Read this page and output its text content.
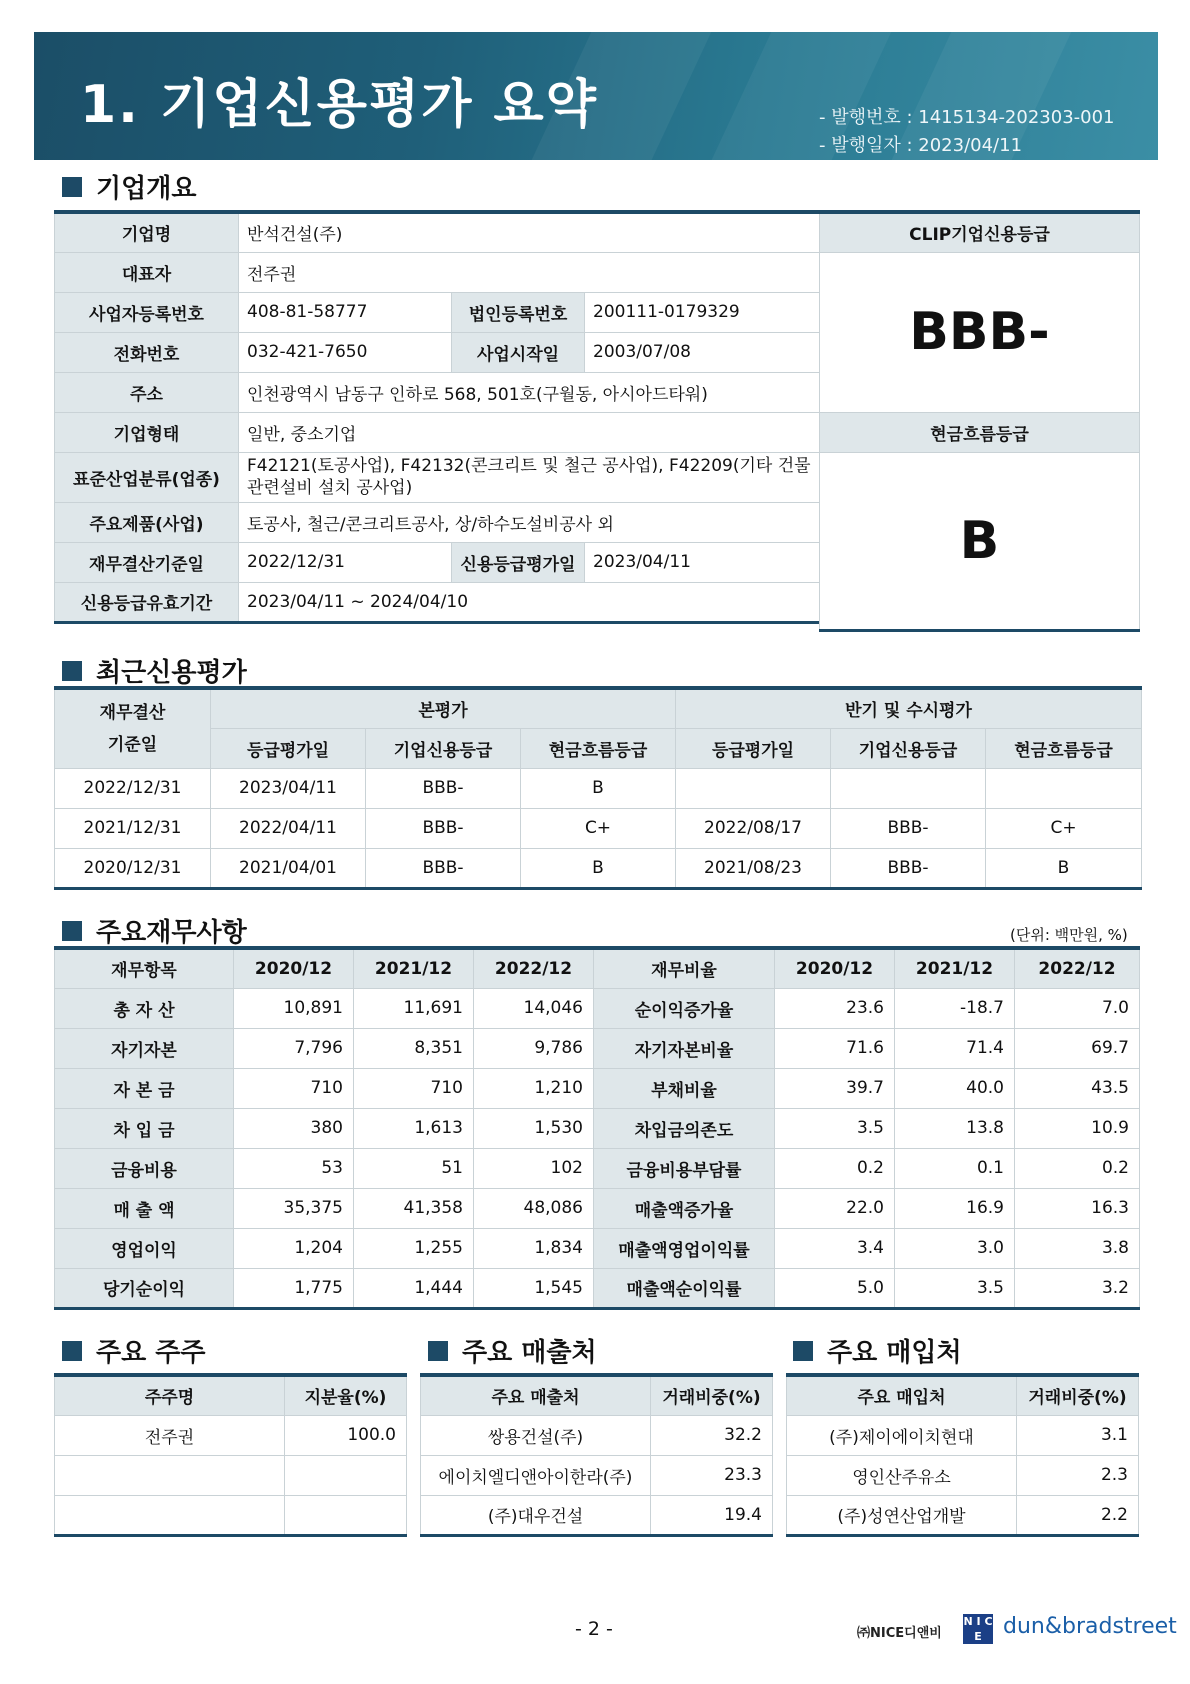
1. 기업신용평가 요약	- 발행번호 : 1415134-202303-001
- 발행일자 : 2023/04/11
기업개요
기업명	반석건설(주)		
대표자	전주권		
사업자등록번호	408-81-58777	법인등록번호	200111-0179329
전화번호	032-421-7650	사업시작일	2003/07/08
주소	인천광역시 남동구 인하로 568, 501호(구월동, 아시아드타워)		
기업형태	일반, 중소기업		
표준산업분류(업종)	F42121(토공사업), F42132(콘크리트 및 철근 공사업), F42209(기타 건물 관련설비 설치 공사업)		
주요제품(사업)	토공사, 철근/콘크리트공사, 상/하수도설비공사 외		
재무결산기준일	2022/12/31	신용등급평가일	2023/04/11
신용등급유효기간	2023/04/11 ~ 2024/04/10		
CLIP기업신용등급
BBB-
현금흐름등급
B
최근신용평가
재무결산
기준일	본평가			반기 및 수시평가		
	등급평가일	기업신용등급	현금흐름등급	등급평가일	기업신용등급	현금흐름등급
2022/12/31	2023/04/11	BBB-	B			
2021/12/31	2022/04/11	BBB-	C+	2022/08/17	BBB-	C+
2020/12/31	2021/04/01	BBB-	B	2021/08/23	BBB-	B
주요재무사항	(단위: 백만원, %)
재무항목	2020/12	2021/12	2022/12	재무비율	2020/12	2021/12	2022/12
총 자 산	10,891	11,691	14,046	순이익증가율	23.6	-18.7	7.0
자기자본	7,796	8,351	9,786	자기자본비율	71.6	71.4	69.7
자 본 금	710	710	1,210	부채비율	39.7	40.0	43.5
차 입 금	380	1,613	1,530	차입금의존도	3.5	13.8	10.9
금융비용	53	51	102	금융비용부담률	0.2	0.1	0.2
매 출 액	35,375	41,358	48,086	매출액증가율	22.0	16.9	16.3
영업이익	1,204	1,255	1,834	매출액영업이익률	3.4	3.0	3.8
당기순이익	1,775	1,444	1,545	매출액순이익률	5.0	3.5	3.2
주요 주주	주요 매출처	주요 매입처
주주명	지분율(%)
전주권	100.0

주요 매출처	거래비중(%)
쌍용건설(주)	32.2
에이치엘디앤아이한라(주)	23.3
(주)대우건설	19.4
주요 매입처	거래비중(%)
(주)제이에이치현대	3.1
영인산주유소	2.3
(주)성연산업개발	2.2
- 2 -	㈜NICE디앤비
N I C E dun&bradstreet
